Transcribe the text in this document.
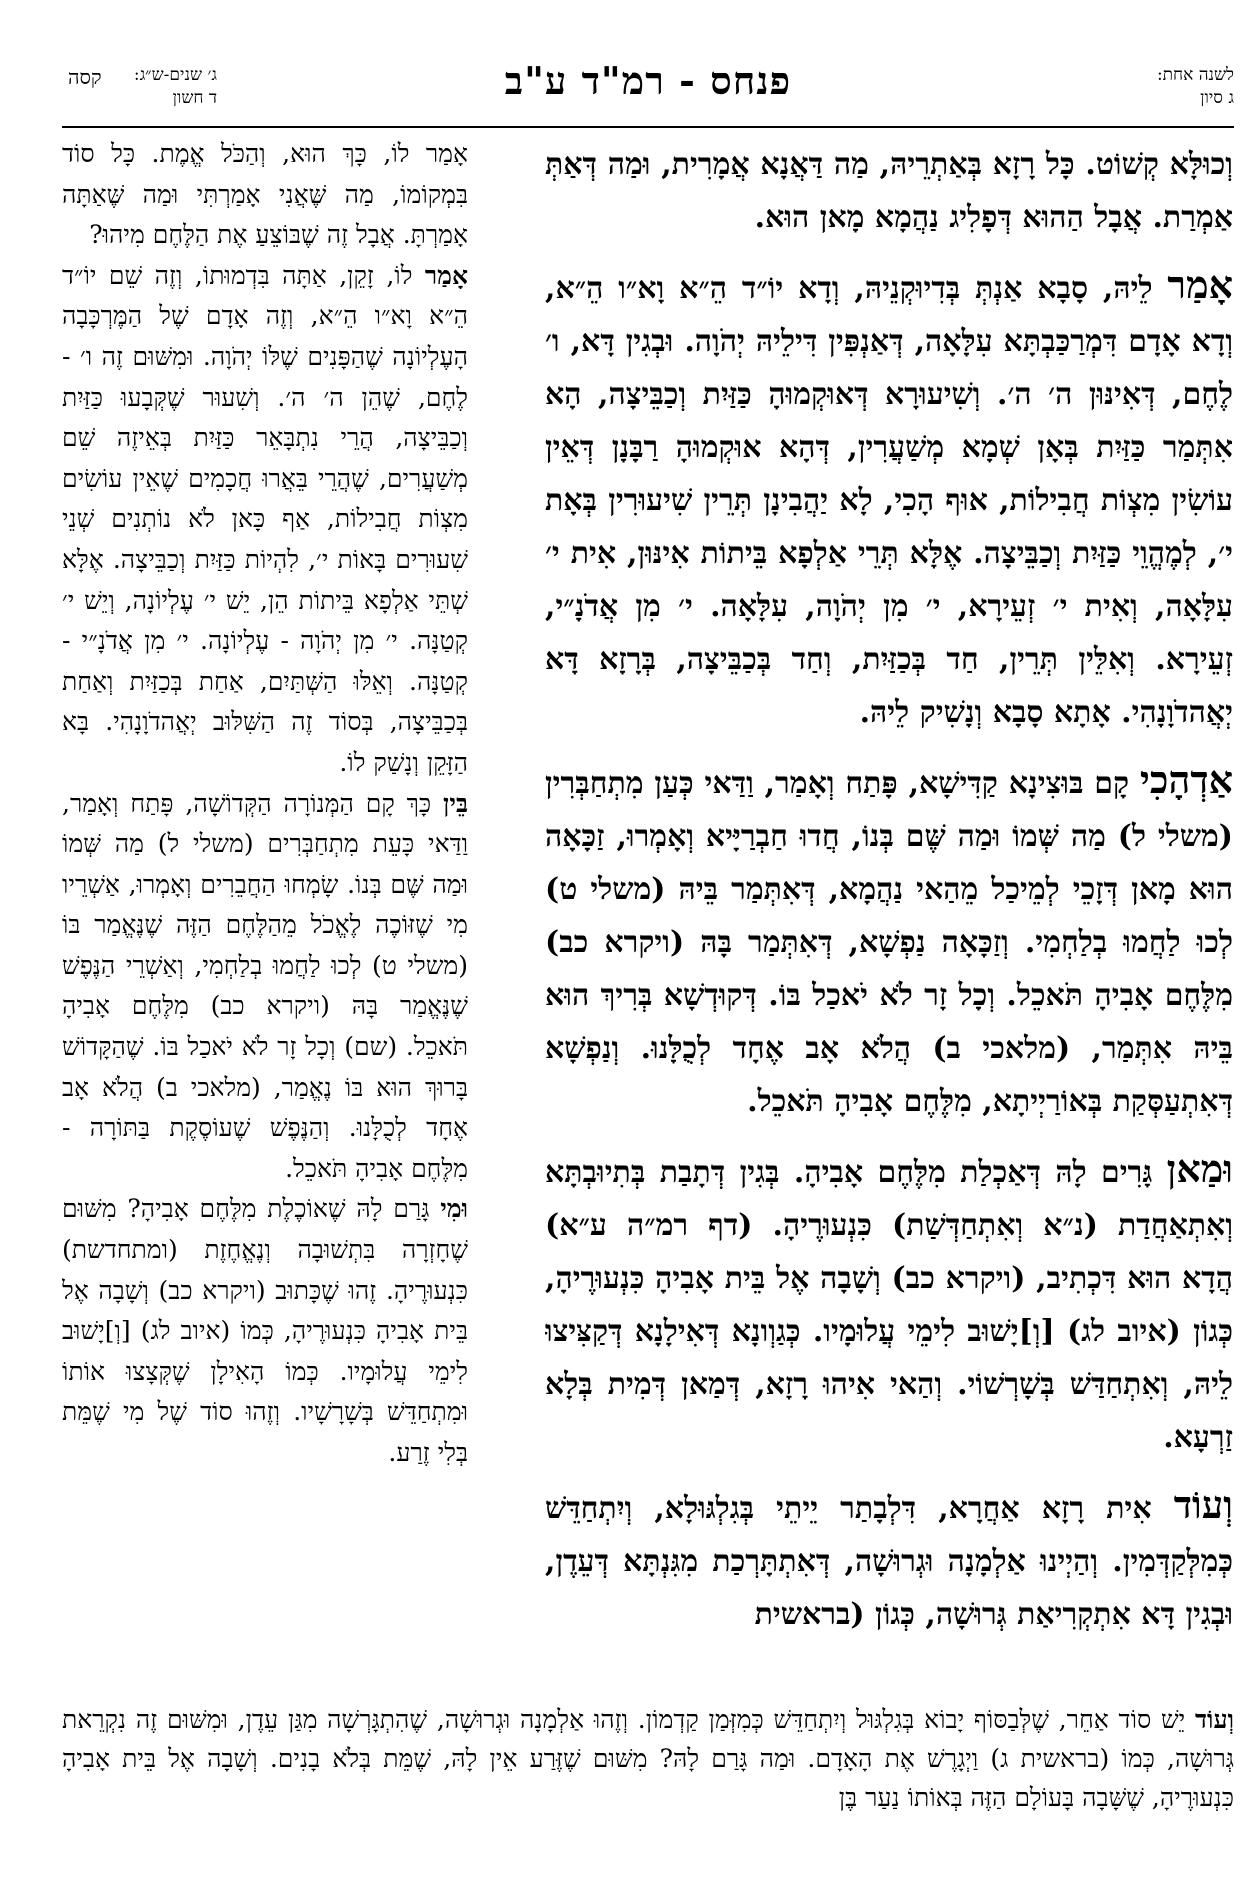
לשנה אחת:
ג סיון
פנחס - רמ"ד ע"ב
ג׳ שנים-ש״ג:
ד חשון
קסה

וְכוּלָּא קְשׁוֹט. כָּל רָזָא בְּאַתְרֵיהּ, מַה דַּאֲנָא אֲמָרִית, וּמַה דְּאַתְּ אַמְרַת. אֲבָל הַהוּא דְּפָלִיג נַהֲמָא מָאן הוּא.

אָמַר לֵיהּ, סָבָא אַנְתְּ בְּדִיוּקְנֵיהּ, וְדָא יוֹ״ד הֵ״א וָא״ו הֵ״א, וְדָא אָדָם דִּמְרַכַּבְתָּא עִלָּאָה, דְּאַנְפִּין דִּילֵיהּ יְהֹוָה. וּבְגִין דָּא, ו׳ לֶחֶם, דְּאִינּוּן ה׳ ה׳. וְשִׁיעוּרָא דְּאוּקְמוּהָ כַּזַּיִת וְכַבֵּיצָה, הָא אִתְּמַר כַּזַּיִת בְּאָן שְׁמָא מְשַׁעֲרִין, דְּהָא אוּקְמוּהָ רַבָּנָן דְּאֵין עוֹשִׂין מִצְוֹת חֲבִילוֹת, אוּף הָכִי, לָא יַהֲבִינָן תְּרֵין שִׁיעוּרִין בְּאָת י׳, לְמֶהֱוֵי כַּזַּיִת וְכַבֵּיצָה. אֶלָּא תְּרֵי אַלְפָא בֵּיתוֹת אִינּוּן, אִית י׳ עִלָּאָה, וְאִית י׳ זְעֵירָא, י׳ מִן יְהֹוָה, עִלָּאָה. י׳ מִן אֲדֹנָ״י, זְעֵירָא. וְאִלֵּין תְּרֵין, חַד בְּכַזַּיִת, וְחַד בְּכַבֵּיצָה, בְּרָזָא דָּא יְאֲהדֹוָנָהִי. אָתָא סָבָא וְנָשִׁיק לֵיהּ.

אַדְהָכִי קָם בּוּצִינָא קַדִּישָׁא, פָּתַח וְאָמַר, וַדַּאי כְּעַן מִתְחַבְּרִין (משלי ל) מַה שְּׁמוֹ וּמַה שֶּׁם בְּנוֹ, חֲדוּ חַבְרַיָּיא וְאָמְרוּ, זַכָּאָה הוּא מָאן דְּזָכֵי לְמֵיכַל מֵהַאי נַהֲמָא, דְּאִתְּמַר בֵּיהּ (משלי ט) לְכוּ לַחֲמוּ בְלַחְמִי. וְזַכָּאָה נַפְשָׁא, דְּאִתְּמַר בָּהּ (ויקרא כב) מִלֶּחֶם אָבִיהָ תֹּאכֵל. וְכָל זָר לֹא יֹאכַל בּוֹ. דְּקוּדְשָׁא בְּרִיךְ הוּא בֵּיהּ אִתְּמַר, (מלאכי ב) הֲלֹא אָב אֶחָד לְכֻלָּנוּ. וְנַפְשָׁא דְּאִתְעַסְּקַת בְּאוֹרַיְיתָא, מִלֶּחֶם אָבִיהָ תֹּאכֵל.

וּמַאן גָּרִים לָהּ דְּאַכְלַת מִלֶּחֶם אָבִיהָ. בְּגִין דְּתָבַת בְּתִיוּבְתָּא וְאִתְאַחֲדַת (נ״א וְאִתְחַדְּשַׁת) כִּנְעוּרֶיהָ. (דף רמ״ה ע״א) הֲדָא הוּא דִּכְתִיב, (ויקרא כב) וְשָׁבָה אֶל בֵּית אָבִיהָ כִּנְעוּרֶיהָ, כְּגוֹן (איוב לג) [וְ]יָשׁוּב לִימֵי עֲלוּמָיו. כְּגַוְונָא דְּאִילָנָא דְּקַצִּיצוּ לֵיהּ, וְאִתְחַדַּשׁ בְּשָׁרְשׁוֹי. וְהַאי אִיהוּ רָזָא, דְּמַאן דְּמִית בְּלָא זַרְעָא.

וְעוֹד אִית רָזָא אַחֲרָא, דִּלְבָתַר יֵיתֵי בְּגִלְגּוּלָא, וְיִתְחַדֵּשׁ כְּמִלְּקַדְּמִין. וְהַיְינוּ אַלְמָנָה וּגְרוּשָׁה, דְּאִתְתָּרְכַת מִגִּנְתָּא דְּעֵדֶן, וּבְגִין דָּא אִתְקְרִיאַת גְּרוּשָׁה, כְּגוֹן (בראשית

אָמַר לוֹ, כָּךְ הוּא, וְהַכֹּל אֱמֶת. כָּל סוֹד בִּמְקוֹמוֹ, מַה שֶּׁאֲנִי אָמַרְתִּי וּמַה שֶּׁאַתָּה אָמַרְתָּ. אֲבָל זֶה שֶׁבּוֹצֵעַ אֶת הַלֶּחֶם מִיהוּ?

אָמַר לוֹ, זָקֵן, אַתָּה בִּדְמוּתוֹ, וְזֶה שֵׁם יוֹ״ד הֵ״א וָא״ו הֵ״א, וְזֶה אָדָם שֶׁל הַמֶּרְכָּבָה הָעֶלְיוֹנָה שֶׁהַפָּנִים שֶׁלּוֹ יְהֹוָה. וּמִשּׁוּם זֶה ו׳ - לֶחֶם, שֶׁהֵן ה׳ ה׳. וְשִׁעוּר שֶׁקְּבָעוּ כַּזַּיִת וְכַבֵּיצָה, הֲרֵי נִתְבָּאֵר כַּזַּיִת בְּאֵיזֶה שֵׁם מְשַׁעֲרִים, שֶׁהֲרֵי בֵּאֲרוּ חֲכָמִים שֶׁאֵין עוֹשִׂים מִצְוֹת חֲבִילוֹת, אַף כָּאן לֹא נוֹתְנִים שְׁנֵי שִׁעוּרִים בָּאוֹת י׳, לִהְיוֹת כַּזַּיִת וְכַבֵּיצָה. אֶלָּא שְׁתֵּי אַלְפָא בֵּיתוֹת הֵן, יֵשׁ י׳ עֶלְיוֹנָה, וְיֵשׁ י׳ קְטַנָּה. י׳ מִן יְהֹוָה - עֶלְיוֹנָה. י׳ מִן אֲדֹנָ״י - קְטַנָּה. וְאֵלּוּ הַשְּׁתַּיִם, אַחַת בְּכַזַּיִת וְאַחַת בְּכַבֵּיצָה, בְּסוֹד זֶה הַשִּׁלּוּב יְאֲהדֹוָנָהִי. בָּא הַזָּקֵן וְנָשַׁק לוֹ.

בֵּין כָּךְ קָם הַמְּנוֹרָה הַקְּדוֹשָׁה, פָּתַח וְאָמַר, וַדַּאי כָּעֵת מִתְחַבְּרִים (משלי ל) מַה שְּׁמוֹ וּמַה שֶּׁם בְּנוֹ. שָׂמְחוּ הַחֲבֵרִים וְאָמְרוּ, אַשְׁרֵיו מִי שֶׁזּוֹכֶה לֶאֱכֹל מֵהַלֶּחֶם הַזֶּה שֶׁנֶּאֱמַר בּוֹ (משלי ט) לְכוּ לַחֲמוּ בְלַחְמִי, וְאַשְׁרֵי הַנֶּפֶשׁ שֶׁנֶּאֱמַר בָּהּ (ויקרא כב) מִלֶּחֶם אָבִיהָ תֹּאכֵל. (שם) וְכָל זָר לֹא יֹאכַל בּוֹ. שֶׁהַקָּדוֹשׁ בָּרוּךְ הוּא בּוֹ נֶאֱמַר, (מלאכי ב) הֲלֹא אָב אֶחָד לְכֻלָּנוּ. וְהַנֶּפֶשׁ שֶׁעוֹסֶקֶת בַּתּוֹרָה - מִלֶּחֶם אָבִיהָ תֹּאכֵל.

וּמִי גָּרַם לָהּ שֶׁאוֹכֶלֶת מִלֶּחֶם אָבִיהָ? מִשּׁוּם שֶׁחָזְרָה בִּתְשׁוּבָה וְנֶאֱחֶזֶת (ומתחדשת) כִּנְעוּרֶיהָ. זֶהוּ שֶׁכָּתוּב (ויקרא כב) וְשָׁבָה אֶל בֵּית אָבִיהָ כִּנְעוּרֶיהָ, כְּמוֹ (איוב לג) [וְ]יָשׁוּב לִימֵי עֲלוּמָיו. כְּמוֹ הָאִילָן שֶׁקְּצָצוּ אוֹתוֹ וּמִתְחַדֵּשׁ בְּשָׁרָשָׁיו. וְזֶהוּ סוֹד שֶׁל מִי שֶׁמֵּת בְּלִי זֶרַע.

וְעוֹד יֵשׁ סוֹד אַחֵר, שֶׁלְּבַסּוֹף יָבוֹא בְּגִלְגּוּל וְיִתְחַדֵּשׁ כְּמִזְּמַן קַדְמוֹן. וְזֶהוּ אַלְמָנָה וּגְרוּשָׁה, שֶׁהִתְגָּרְשָׁה מִגַּן עֵדֶן, וּמִשּׁוּם זֶה נִקְרֵאת גְּרוּשָׁה, כְּמוֹ (בראשית ג) וַיְגָרֶשׁ אֶת הָאָדָם. וּמַה גָּרַם לָהּ? מִשּׁוּם שֶׁזֶּרַע אֵין לָהּ, שֶׁמֵּת בְּלֹא בָנִים. וְשָׁבָה אֶל בֵּית אָבִיהָ כִּנְעוּרֶיהָ, שֶׁשָּׁבָה בָּעוֹלָם הַזֶּה בְּאוֹתוֹ נַעַר בֶּן
